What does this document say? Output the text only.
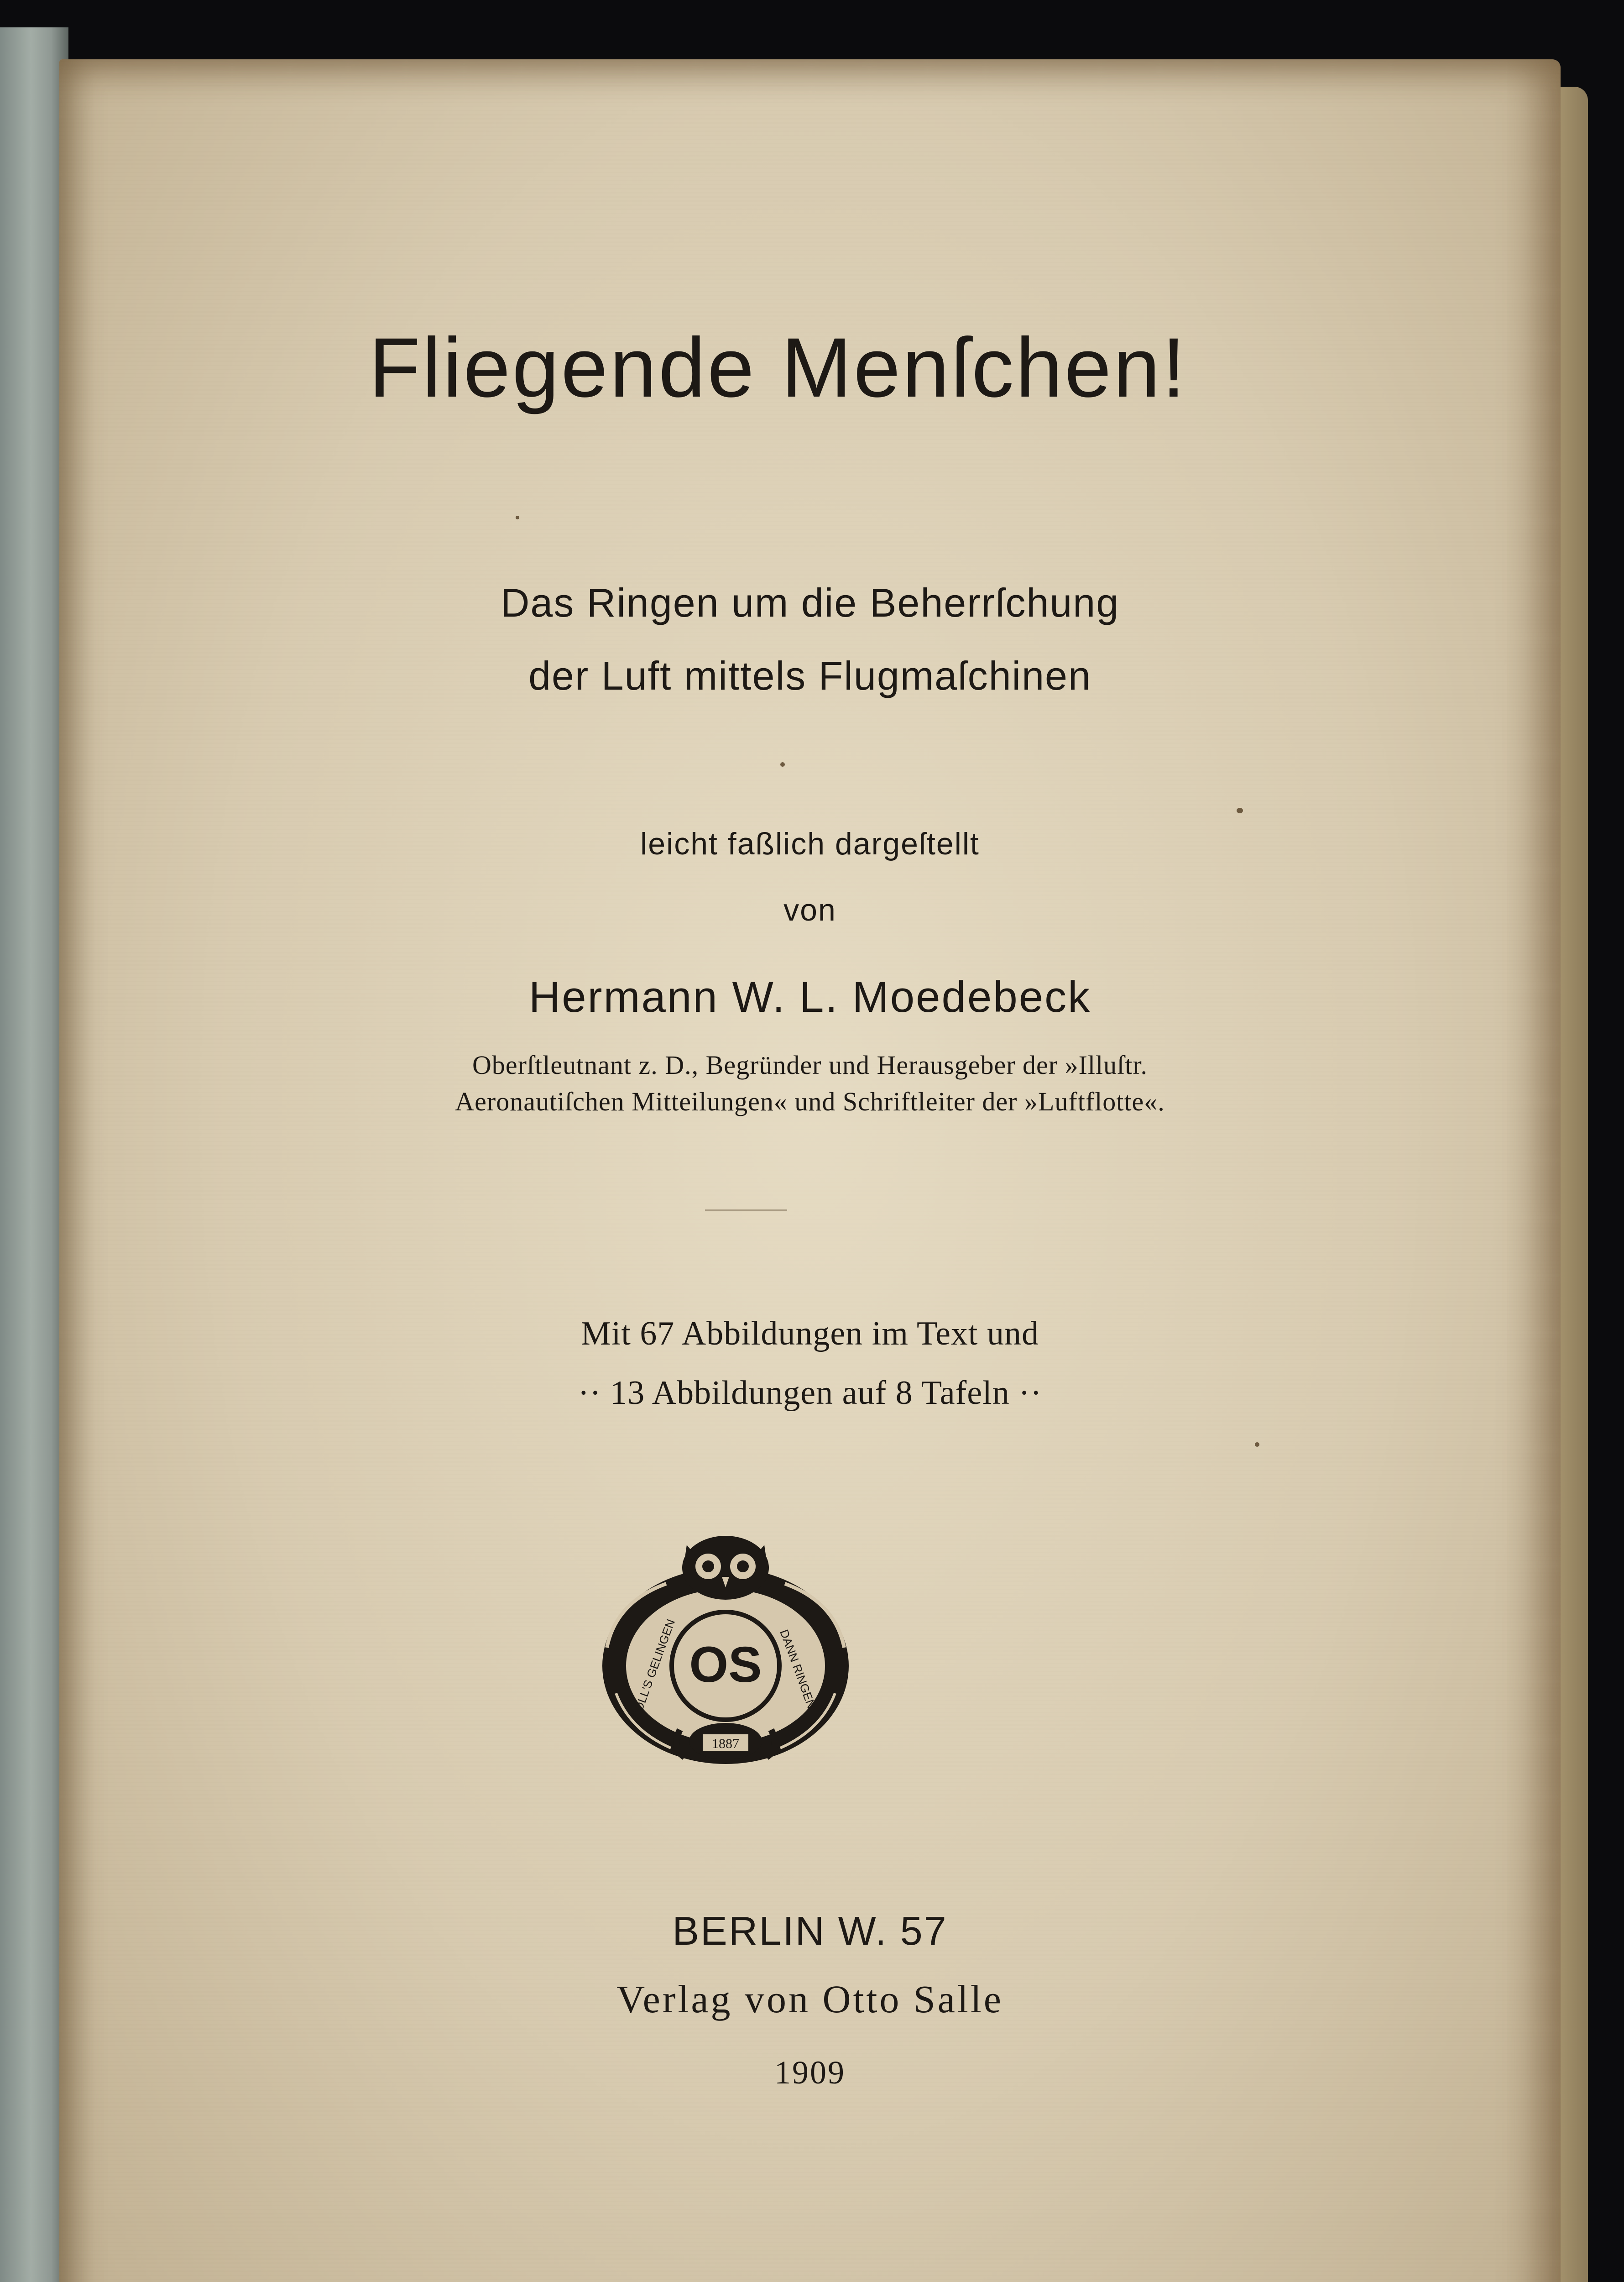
Fliegende Menſchen!

Das Ringen um die Beherrſchung

der Luft mittels Flugmaſchinen

leicht faßlich dargeſtellt

von

Hermann W. L. Moedebeck

Oberſtleutnant z. D., Begründer und Herausgeber der »Illuſtr.

Aeronautiſchen Mitteilungen« und Schriftleiter der »Luftflotte«.

Mit 67 Abbildungen im Text und

·· 13 Abbildungen auf 8 Tafeln ··

OS
SOLL'S GELINGEN	DANN RINGEN
1887

BERLIN W. 57

Verlag von Otto Salle

1909
